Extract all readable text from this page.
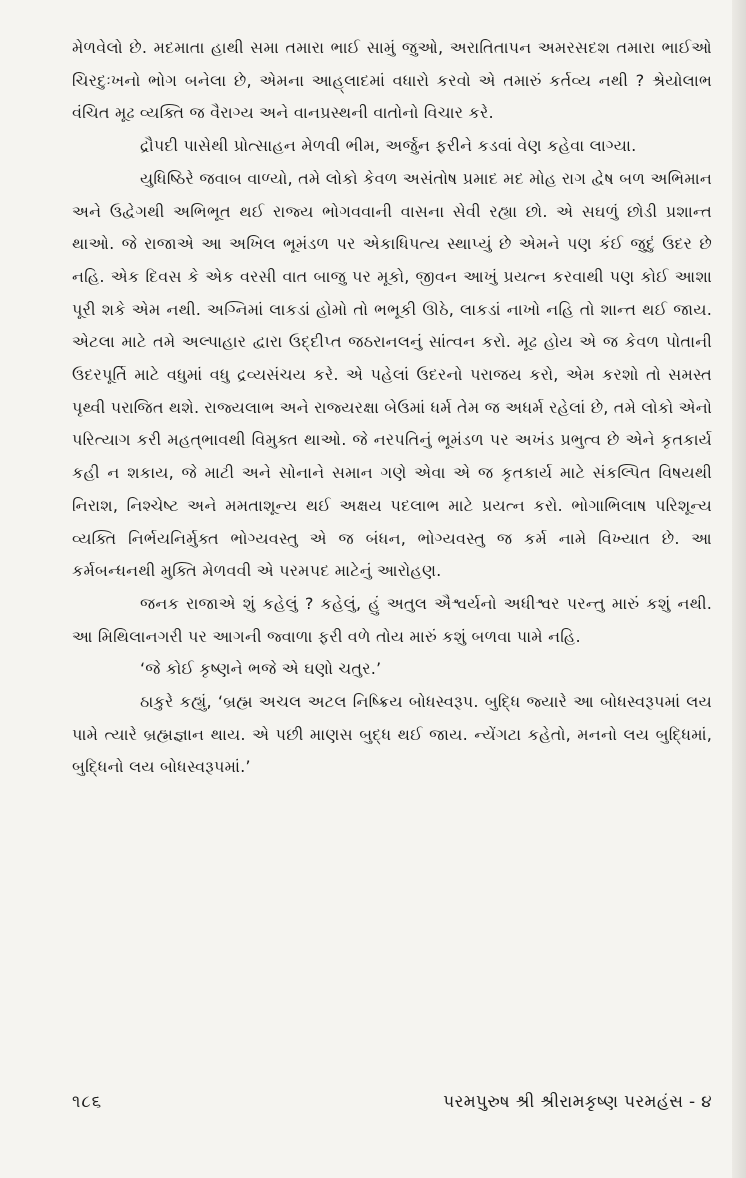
મેળવેલો છે. મદમાતા હાથી સમા તમારા ભાઈ સામું જુઓ, અરાતિતાપન અમરસદશ તમારા ભાઈઓ ચિરદુઃખનો ભોગ બનેલા છે, એમના આહ્‌લાદમાં વધારો કરવો એ તમારું કર્તવ્ય નથી ? શ્રેયોલાભ વંચિત મૂઢ વ્યક્તિ જ વૈરાગ્ય અને વાનપ્રસ્થની વાતોનો વિચાર કરે.

દ્રૌપદી પાસેથી પ્રોત્સાહન મેળવી ભીમ, અર્જુન ફરીને કડવાં વેણ કહેવા લાગ્યા.

યુધિષ્ઠિરે જવાબ વાળ્યો, તમે લોકો કેવળ અસંતોષ પ્રમાદ મદ મોહ રાગ દ્વેષ બળ અભિમાન અને ઉદ્વેગથી અભિભૂત થઈ રાજ્ય ભોગવવાની વાસના સેવી રહ્યા છો. એ સઘળું છોડી પ્રશાન્ત થાઓ. જે રાજાએ આ અખિલ ભૂમંડળ પર એકાધિપત્ય સ્થાપ્યું છે એમને પણ કંઈ જુદું ઉદર છે નહિ. એક દિવસ કે એક વરસી વાત બાજુ પર મૂકો, જીવન આખું પ્રયત્ન કરવાથી પણ કોઈ આશા પૂરી શકે એમ નથી. અગ્નિમાં લાકડાં હોમો તો ભભૂકી ઊઠે, લાકડાં નાખો નહિ તો શાન્ત થઈ જાય. એટલા માટે તમે અલ્પાહાર દ્વારા ઉદ્દીપ્ત જઠરાનલનું સાંત્વન કરો. મૂઢ હોય એ જ કેવળ પોતાની ઉદરપૂર્તિ માટે વધુમાં વધુ દ્રવ્યસંચય કરે. એ પહેલાં ઉદરનો પરાજય કરો, એમ કરશો તો સમસ્ત પૃથ્વી પરાજિત થશે. રાજ્યલાભ અને રાજ્યરક્ષા બેઉમાં ધર્મ તેમ જ અધર્મ રહેલાં છે, તમે લોકો એનો પરિત્યાગ કરી મહત્‌ભાવથી વિમુક્ત થાઓ. જે નરપતિનું ભૂમંડળ પર અખંડ પ્રભુત્વ છે એને કૃતકાર્ય કહી ન શકાય, જે માટી અને સોનાને સમાન ગણે એવા એ જ કૃતકાર્ય માટે સંકલ્પિત વિષયથી નિરાશ, નિશ્ચેષ્ટ અને મમતાશૂન્ય થઈ અક્ષય પદલાભ માટે પ્રયત્ન કરો. ભોગાભિલાષ પરિશૂન્ય વ્યક્તિ નિર્ભયનિર્મુક્ત ભોગ્યવસ્તુ એ જ બંધન, ભોગ્યવસ્તુ જ કર્મ નામે વિખ્યાત છે. આ કર્મબન્ધનથી મુક્તિ મેળવવી એ પરમપદ માટેનું આરોહણ.

જનક રાજાએ શું કહેલું ? કહેલું, હું અતુલ ઐશ્વર્યનો અધીશ્વર પરન્તુ મારું કશું નથી. આ મિથિલાનગરી પર આગની જ્વાળા ફરી વળે તોય મારું કશું બળવા પામે નહિ.

‘જે કોઈ કૃષ્ણને ભજે એ ઘણો ચતુર.’

ઠાકુરે કહ્યું, ‘બ્રહ્મ અચલ અટલ નિષ્ક્રિય બોધસ્વરૂપ. બુદ્ધિ જ્યારે આ બોધસ્વરૂપમાં લય પામે ત્યારે બ્રહ્મજ્ઞાન થાય. એ પછી માણસ બુદ્ધ થઈ જાય. ન્યેંગટા કહેતો, મનનો લય બુદ્ધિમાં, બુદ્ધિનો લય બોધસ્વરૂપમાં.’

૧૮૬	પરમપુરુષ શ્રી શ્રીરામકૃષ્ણ પરમહંસ - ૪
